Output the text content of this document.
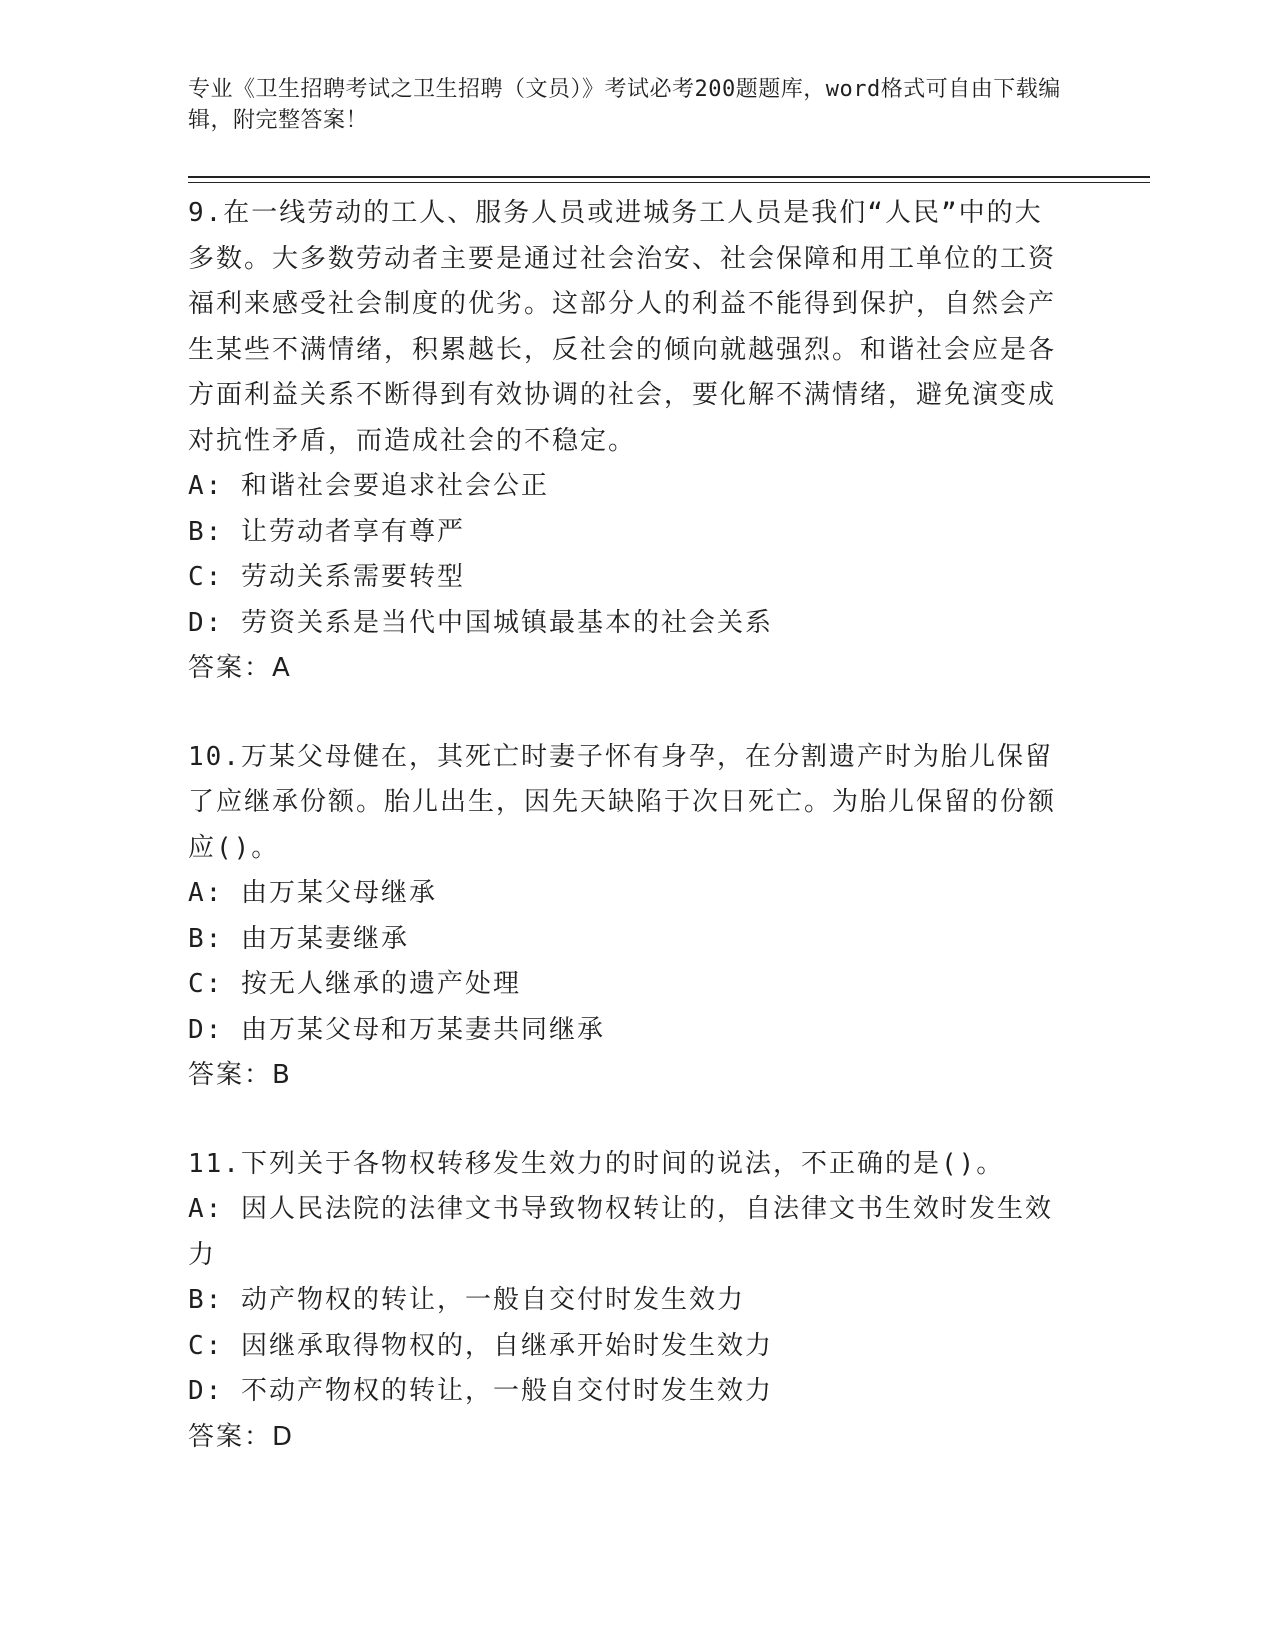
专业《卫生招聘考试之卫生招聘（文员）》考试必考200题题库，word格式可自由下载编辑，附完整答案！

9.在一线劳动的工人、服务人员或进城务工人员是我们“人民”中的大多数。大多数劳动者主要是通过社会治安、社会保障和用工单位的工资福利来感受社会制度的优劣。这部分人的利益不能得到保护，自然会产生某些不满情绪，积累越长，反社会的倾向就越强烈。和谐社会应是各方面利益关系不断得到有效协调的社会，要化解不满情绪，避免演变成对抗性矛盾，而造成社会的不稳定。

A: 和谐社会要追求社会公正

B: 让劳动者享有尊严

C: 劳动关系需要转型

D: 劳资关系是当代中国城镇最基本的社会关系

答案：A

10.万某父母健在，其死亡时妻子怀有身孕，在分割遗产时为胎儿保留了应继承份额。胎儿出生，因先天缺陷于次日死亡。为胎儿保留的份额应()。

A: 由万某父母继承

B: 由万某妻继承

C: 按无人继承的遗产处理

D: 由万某父母和万某妻共同继承

答案：B

11.下列关于各物权转移发生效力的时间的说法，不正确的是()。

A: 因人民法院的法律文书导致物权转让的，自法律文书生效时发生效力

B: 动产物权的转让，一般自交付时发生效力

C: 因继承取得物权的，自继承开始时发生效力

D: 不动产物权的转让，一般自交付时发生效力

答案：D
